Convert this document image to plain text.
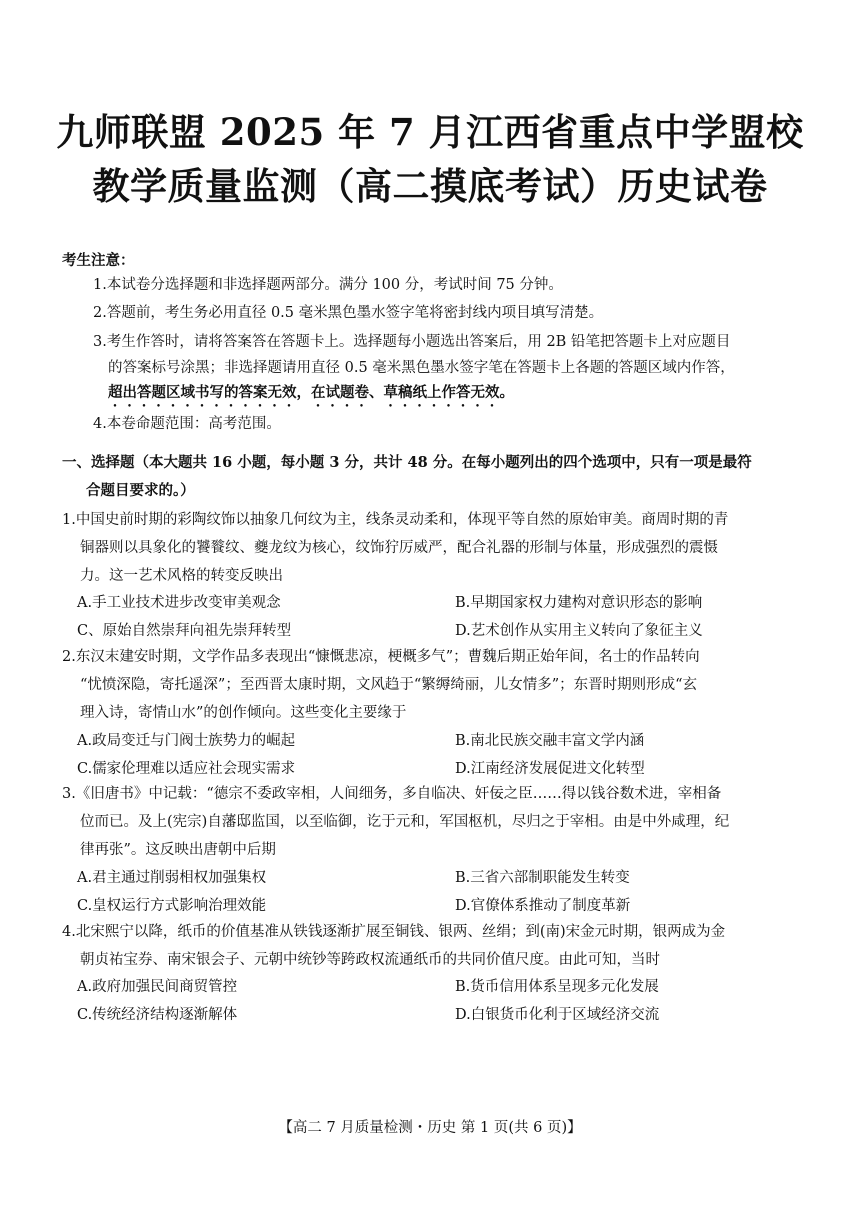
九师联盟 2025 年 7 月江西省重点中学盟校
教学质量监测（高二摸底考试）历史试卷
考生注意：
1.本试卷分选择题和非选择题两部分。满分 100 分，考试时间 75 分钟。
2.答题前，考生务必用直径 0.5 毫米黑色墨水签字笔将密封线内项目填写清楚。
3.考生作答时，请将答案答在答题卡上。选择题每小题选出答案后，用 2B 铅笔把答题卡上对应题目
的答案标号涂黑；非选择题请用直径 0.5 毫米黑色墨水签字笔在答题卡上各题的答题区域内作答，
超出答题区域书写的答案无效，在试题卷、草稿纸上作答无效。
4.本卷命题范围：高考范围。
一、选择题（本大题共 16 小题，每小题 3 分，共计 48 分。在每小题列出的四个选项中，只有一项是最符
合题目要求的。）
1.中国史前时期的彩陶纹饰以抽象几何纹为主，线条灵动柔和，体现平等自然的原始审美。商周时期的青
铜器则以具象化的饕餮纹、夔龙纹为核心，纹饰狞厉威严，配合礼器的形制与体量，形成强烈的震慑
力。这一艺术风格的转变反映出
A.手工业技术进步改变审美观念	B.早期国家权力建构对意识形态的影响
C、原始自然崇拜向祖先崇拜转型	D.艺术创作从实用主义转向了象征主义
2.东汉末建安时期，文学作品多表现出“慷慨悲凉，梗概多气”；曹魏后期正始年间，名士的作品转向
“忧愤深隐，寄托遥深”；至西晋太康时期，文风趋于“繁缛绮丽，儿女情多”；东晋时期则形成“玄
理入诗，寄情山水”的创作倾向。这些变化主要缘于
A.政局变迁与门阀士族势力的崛起	B.南北民族交融丰富文学内涵
C.儒家伦理难以适应社会现实需求	D.江南经济发展促进文化转型
3.《旧唐书》中记载：“德宗不委政宰相，人间细务，多自临决、奸佞之臣……得以钱谷数术进，宰相备
位而已。及上(宪宗)自藩邸监国，以至临御，讫于元和，军国枢机，尽归之于宰相。由是中外咸理，纪
律再张”。这反映出唐朝中后期
A.君主通过削弱相权加强集权	B.三省六部制职能发生转变
C.皇权运行方式影响治理效能	D.官僚体系推动了制度革新
4.北宋熙宁以降，纸币的价值基准从铁钱逐渐扩展至铜钱、银两、丝绢；到(南)宋金元时期，银两成为金
朝贞祐宝券、南宋银会子、元朝中统钞等跨政权流通纸币的共同价值尺度。由此可知，当时
A.政府加强民间商贸管控	B.货币信用体系呈现多元化发展
C.传统经济结构逐渐解体	D.白银货币化利于区域经济交流
【高二 7 月质量检测・历史 第 1 页(共 6 页)】
